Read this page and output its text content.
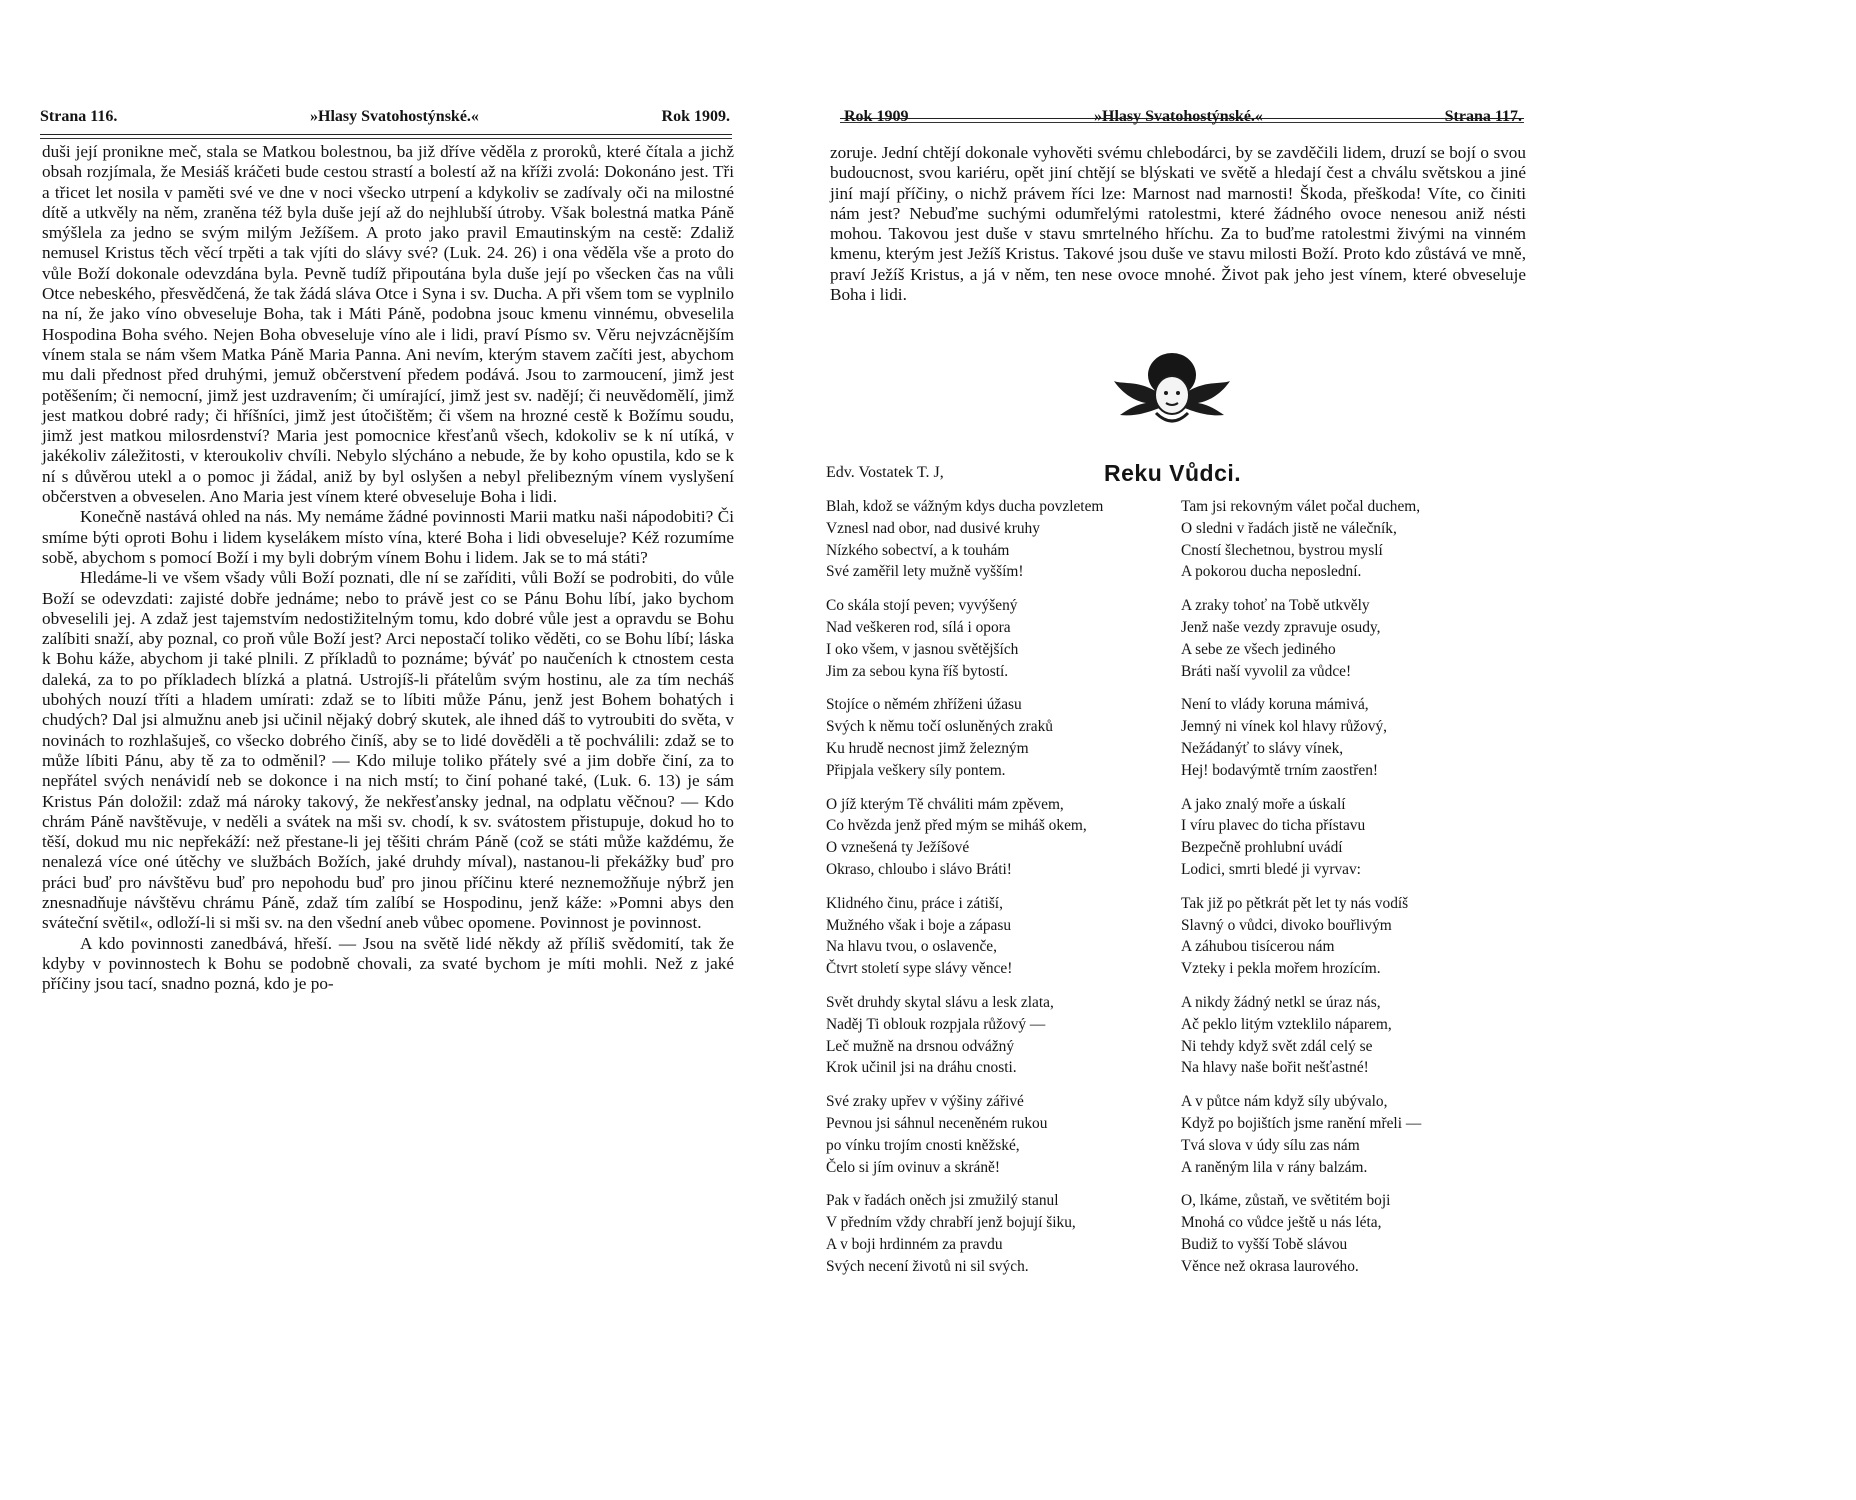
Strana 116.	»Hlasy Svatohostýnské.«	Rok 1909.

duši její pronikne meč, stala se Matkou bolestnou, ba již dříve věděla z proroků, které čítala a jichž obsah rozjímala, že Mesiáš kráčeti bude cestou strastí a bolestí až na kříži zvolá: Dokonáno jest. Tři a třicet let nosila v paměti své ve dne v noci všecko utrpení a kdykoliv se zadívaly oči na milostné dítě a utkvěly na něm, zraněna též byla duše její až do nejhlubší útroby. Však bolestná matka Páně smýšlela za jedno se svým milým Ježíšem. A proto jako pravil Emautinským na cestě: Zdaliž nemusel Kristus těch věcí trpěti a tak vjíti do slávy své? (Luk. 24. 26) i ona věděla vše a proto do vůle Boží dokonale odevzdána byla. Pevně tudíž připoutána byla duše její po všecken čas na vůli Otce nebeského, přesvědčená, že tak žádá sláva Otce i Syna i sv. Ducha. A při všem tom se vyplnilo na ní, že jako víno obveseluje Boha, tak i Máti Páně, podobna jsouc kmenu vinnému, obveselila Hospodina Boha svého. Nejen Boha obveseluje víno ale i lidi, praví Písmo sv. Věru nejvzácnějším vínem stala se nám všem Matka Páně Maria Panna. Ani nevím, kterým stavem začíti jest, abychom mu dali přednost před druhými, jemuž občerstvení předem podává. Jsou to zarmoucení, jimž jest potěšením; či nemocní, jimž jest uzdravením; či umírající, jimž jest sv. nadějí; či neuvědomělí, jimž jest matkou dobré rady; či hříšníci, jimž jest útočištěm; či všem na hrozné cestě k Božímu soudu, jimž jest matkou milosrdenství? Maria jest pomocnice křesťanů všech, kdokoliv se k ní utíká, v jakékoliv záležitosti, v kteroukoliv chvíli. Nebylo slýcháno a nebude, že by koho opustila, kdo se k ní s důvěrou utekl a o pomoc ji žádal, aniž by byl oslyšen a nebyl přelibezným vínem vyslyšení občerstven a obveselen. Ano Maria jest vínem které obveseluje Boha i lidi.

Konečně nastává ohled na nás. My nemáme žádné povinnosti Marii matku naši nápodobiti? Či smíme býti oproti Bohu i lidem kyselákem místo vína, které Boha i lidi obveseluje? Kéž rozumíme sobě, abychom s pomocí Boží i my byli dobrým vínem Bohu i lidem. Jak se to má státi?

Hledáme-li ve všem všady vůli Boží poznati, dle ní se zaříditi, vůli Boží se podrobiti, do vůle Boží se odevzdati: zajisté dobře jednáme; nebo to právě jest co se Pánu Bohu líbí, jako bychom obveselili jej. A zdaž jest tajemstvím nedostižitelným tomu, kdo dobré vůle jest a opravdu se Bohu zalíbiti snaží, aby poznal, co proň vůle Boží jest? Arci nepostačí toliko věděti, co se Bohu líbí; láska k Bohu káže, abychom ji také plnili. Z příkladů to poznáme; býváť po naučeních k ctnostem cesta daleká, za to po příkladech blízká a platná. Ustrojíš-li přátelům svým hostinu, ale za tím necháš ubohých nouzí tříti a hladem umírati: zdaž se to líbiti může Pánu, jenž jest Bohem bohatých i chudých? Dal jsi almužnu aneb jsi učinil nějaký dobrý skutek, ale ihned dáš to vytroubiti do světa, v novinách to rozhlašuješ, co všecko dobrého činíš, aby se to lidé dověděli a tě pochválili: zdaž se to může líbiti Pánu, aby tě za to odměnil? — Kdo miluje toliko přátely své a jim dobře činí, za to nepřátel svých nenávidí neb se dokonce i na nich mstí; to činí pohané také, (Luk. 6. 13) je sám Kristus Pán doložil: zdaž má nároky takový, že nekřesťansky jednal, na odplatu věčnou? — Kdo chrám Páně navštěvuje, v neděli a svátek na mši sv. chodí, k sv. svátostem přistupuje, dokud ho to těší, dokud mu nic nepřekáží: než přestane-li jej těšiti chrám Páně (což se státi může každému, že nenalezá více oné útěchy ve službách Božích, jaké druhdy míval), nastanou-li překážky buď pro práci buď pro návštěvu buď pro nepohodu buď pro jinou příčinu které neznemožňuje nýbrž jen znesnadňuje návštěvu chrámu Páně, zdaž tím zalíbí se Hospodinu, jenž káže: »Pomni abys den sváteční světil«, odloží-li si mši sv. na den všední aneb vůbec opomene. Povinnost je povinnost.

A kdo povinnosti zanedbává, hřeší. — Jsou na světě lidé někdy až příliš svědomití, tak že kdyby v povinnostech k Bohu se podobně chovali, za svaté bychom je míti mohli. Než z jaké příčiny jsou tací, snadno pozná, kdo je po-

Rok 1909	»Hlasy Svatohostýnské.«	Strana 117.

zoruje. Jední chtějí dokonale vyhověti svému chlebodárci, by se zavděčili lidem, druzí se bojí o svou budoucnost, svou kariéru, opět jiní chtějí se blýskati ve světě a hledají čest a chválu světskou a jiné jiní mají příčiny, o nichž právem říci lze: Marnost nad marnosti! Škoda, přeškoda! Víte, co činiti nám jest? Nebuďme suchými odumřelými ratolestmi, které žádného ovoce nenesou aniž nésti mohou. Takovou jest duše v stavu smrtelného hříchu. Za to buďme ratolestmi živými na vinném kmenu, kterým jest Ježíš Kristus. Takové jsou duše ve stavu milosti Boží. Proto kdo zůstává ve mně, praví Ježíš Kristus, a já v něm, ten nese ovoce mnohé. Život pak jeho jest vínem, které obveseluje Boha i lidi.

Edv. Vostatek T. J,	Reku Vůdci.
Blah, kdož se vážným kdys ducha povzletem
Vznesl nad obor, nad dusivé kruhy
Nízkého sobectví, a k touhám
Své zaměřil lety mužně vyšším!
Co skála stojí peven; vyvýšený
Nad veškeren rod, sílá i opora
I oko všem, v jasnou světějších
Jim za sebou kyna říš bytostí.
Stojíce o němém zhříženi úžasu
Svých k němu točí osluněných zraků
Ku hrudě necnost jimž železným
Připjala veškery síly pontem.
O jíž kterým Tě chváliti mám zpěvem,
Co hvězda jenž před mým se miháš okem,
O vznešená ty Ježíšové
Okraso, chloubo i slávo Bráti!
Klidného činu, práce i zátiší,
Mužného však i boje a zápasu
Na hlavu tvou, o oslavenče,
Čtvrt století sype slávy věnce!
Svět druhdy skytal slávu a lesk zlata,
Naděj Ti oblouk rozpjala růžový —
Leč mužně na drsnou odvážný
Krok učinil jsi na dráhu cnosti.
Své zraky upřev v výšiny zářivé
Pevnou jsi sáhnul neceněném rukou
po vínku trojím cnosti kněžské,
Čelo si jím ovinuv a skráně!
Pak v řadách oněch jsi zmužilý stanul
V předním vždy chrabří jenž bojují šiku,
A v boji hrdinném za pravdu
Svých necení životů ni sil svých.
Tam jsi rekovným válet počal duchem,
O sledni v řadách jistě ne válečník,
Cností šlechetnou, bystrou myslí
A pokorou ducha neposlední.
A zraky tohoť na Tobě utkvěly
Jenž naše vezdy zpravuje osudy,
A sebe ze všech jediného
Bráti naší vyvolil za vůdce!
Není to vlády koruna mámivá,
Jemný ni vínek kol hlavy růžový,
Nežádanýť to slávy vínek,
Hej! bodavýmtě trním zaostřen!
A jako znalý moře a úskalí
I víru plavec do ticha přístavu
Bezpečně prohlubní uvádí
Lodici, smrti bledé ji vyrvav:
Tak již po pětkrát pět let ty nás vodíš
Slavný o vůdci, divoko bouřlivým
A záhubou tisícerou nám
Vzteky i pekla mořem hrozícím.
A nikdy žádný netkl se úraz nás,
Ač peklo litým vzteklilo náparem,
Ni tehdy když svět zdál celý se
Na hlavy naše bořit nešťastné!
A v půtce nám když síly ubývalo,
Když po bojištích jsme ranění mřeli —
Tvá slova v údy sílu zas nám
A raněným lila v rány balzám.
O, lkáme, zůstaň, ve světitém boji
Mnohá co vůdce ještě u nás léta,
Budiž to vyšší Tobě slávou
Věnce než okrasa laurového.
